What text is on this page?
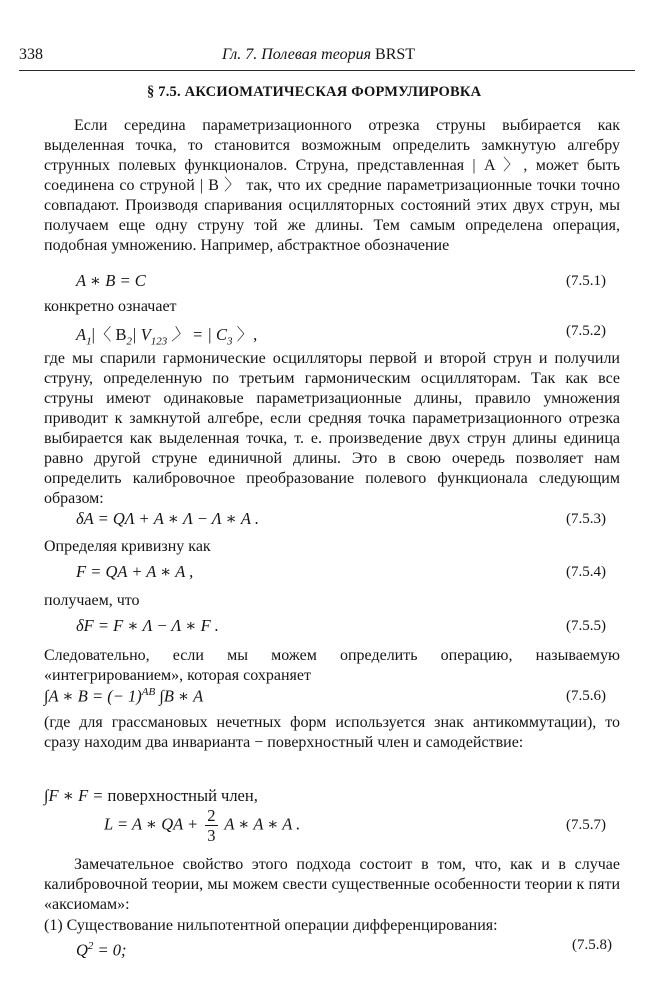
338	Гл. 7. Полевая теория BRST
§ 7.5. АКСИОМАТИЧЕСКАЯ ФОРМУЛИРОВКА
Если середина параметризационного отрезка струны выбирается как выделенная точка, то становится возможным определить замкнутую алгебру струнных полевых функционалов. Струна, представленная | A 〉, может быть соединена со струной | B 〉 так, что их средние параметризационные точки точно совпадают. Производя спаривания осцилляторных состояний этих двух струн, мы получаем еще одну струну той же длины. Тем самым определена операция, подобная умножению. Например, абстрактное обозначение
A ∗ B = C	(7.5.1)
конкретно означает
$A_1|$〈 $B_2|$ $V_{123}$ 〉 = | $C_3$ 〉,	(7.5.2)
где мы спарили гармонические осцилляторы первой и второй струн и получили струну, определенную по третьим гармоническим осцилляторам. Так как все струны имеют одинаковые параметризационные длины, правило умножения приводит к замкнутой алгебре, если средняя точка параметризационного отрезка выбирается как выделенная точка, т. е. произведение двух струн длины единица равно другой струне единичной длины. Это в свою очередь позволяет нам определить калибровочное преобразование полевого функционала следующим образом:
δA = QΛ + A ∗ Λ − Λ ∗ A .	(7.5.3)
Определяя кривизну как
F = QA + A ∗ A ,	(7.5.4)
получаем, что
δF = F ∗ Λ − Λ ∗ F .	(7.5.5)
Следовательно, если мы можем определить операцию, называемую «интегрированием», которая сохраняет
∫A ∗ B = (− 1)$^{AB}$ ∫B ∗ A	(7.5.6)
(где для грассмановых нечетных форм используется знак антикоммутации), то сразу находим два инварианта − поверхностный член и самодействие:
∫F ∗ F = поверхностный член,
L = A ∗ QA + $\frac{2}{3}$ A ∗ A ∗ A .	(7.5.7)
Замечательное свойство этого подхода состоит в том, что, как и в случае калибровочной теории, мы можем свести существенные особенности теории к пяти «аксиомам»:
(1) Существование нильпотентной операции дифференцирования:
$Q^2 = 0$;	(7.5.8)
